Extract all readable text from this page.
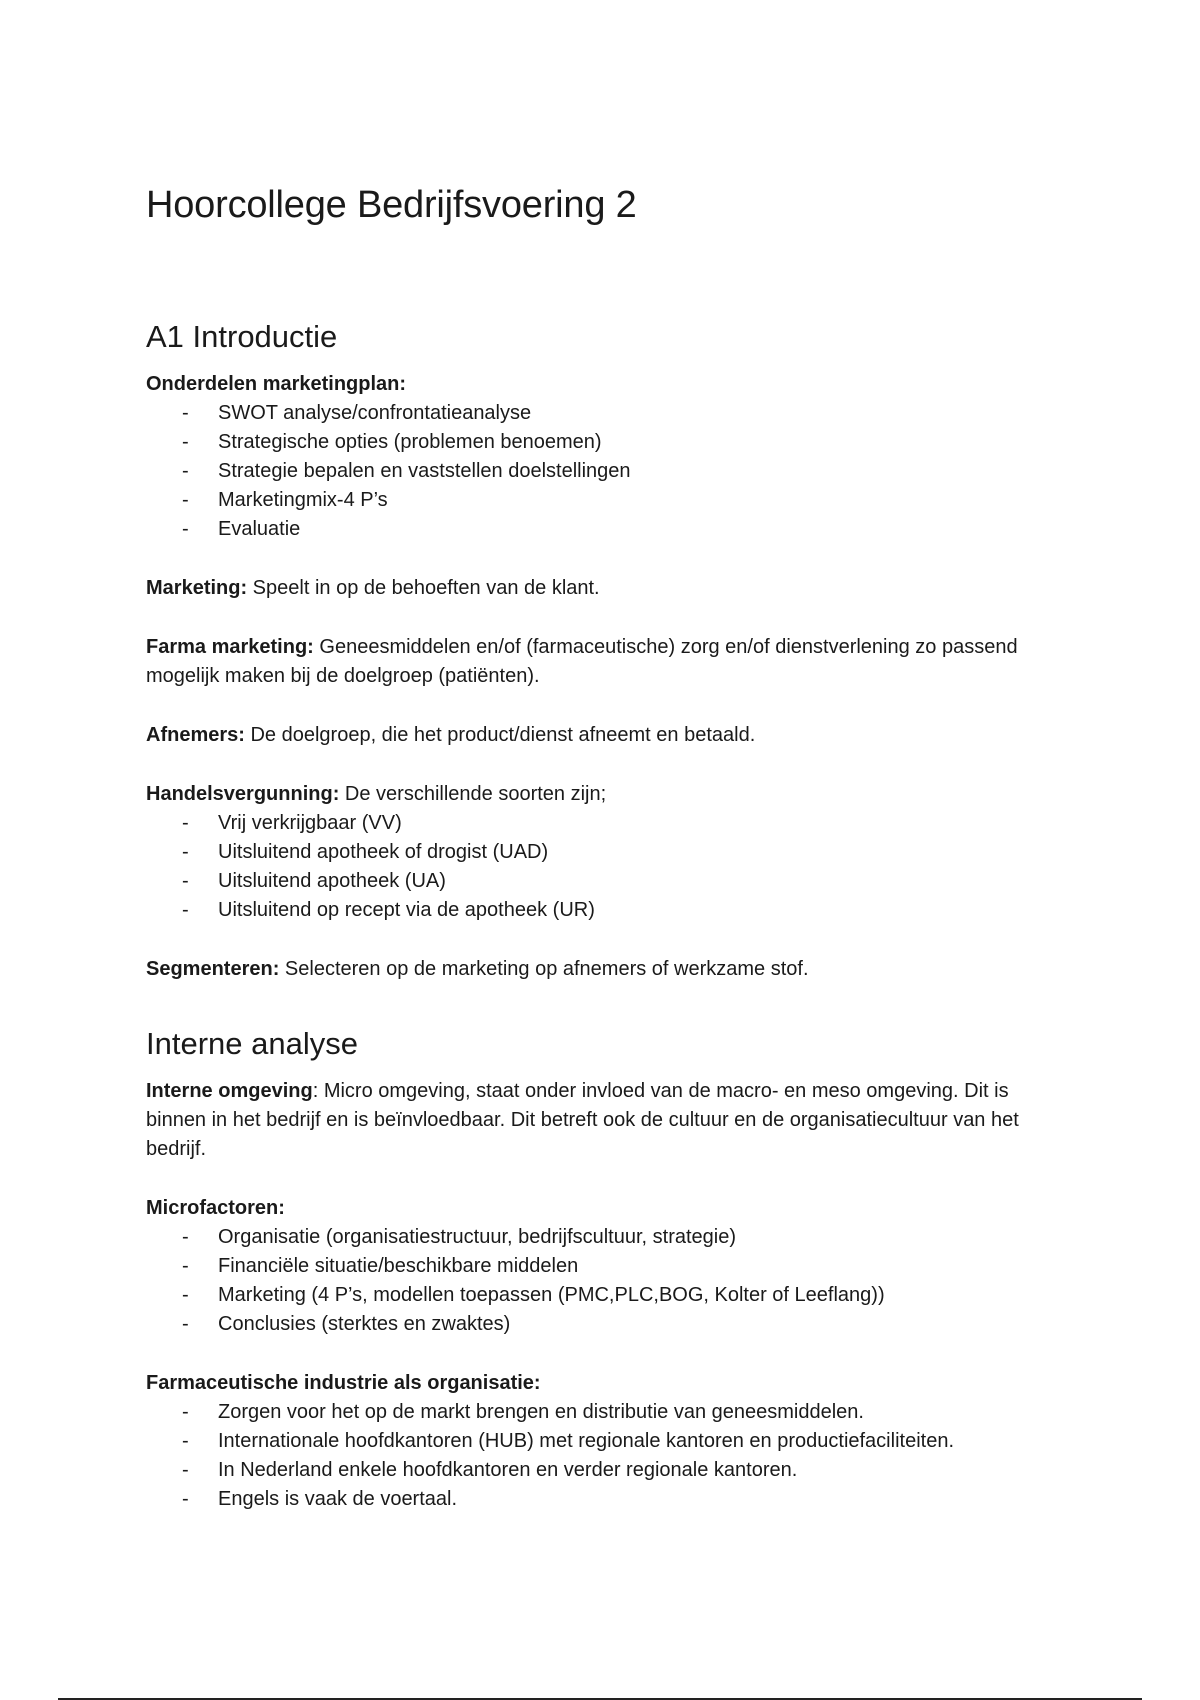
Hoorcollege Bedrijfsvoering 2
A1 Introductie
Onderdelen marketingplan:
- SWOT analyse/confrontatieanalyse
- Strategische opties (problemen benoemen)
- Strategie bepalen en vaststellen doelstellingen
- Marketingmix-4 P’s
- Evaluatie
Marketing: Speelt in op de behoeften van de klant.
Farma marketing: Geneesmiddelen en/of (farmaceutische) zorg en/of dienstverlening zo passend mogelijk maken bij de doelgroep (patiënten).
Afnemers: De doelgroep, die het product/dienst afneemt en betaald.
Handelsvergunning: De verschillende soorten zijn;
- Vrij verkrijgbaar (VV)
- Uitsluitend apotheek of drogist (UAD)
- Uitsluitend apotheek (UA)
- Uitsluitend op recept via de apotheek (UR)
Segmenteren: Selecteren op de marketing op afnemers of werkzame stof.
Interne analyse
Interne omgeving: Micro omgeving, staat onder invloed van de macro- en meso omgeving. Dit is binnen in het bedrijf en is beïnvloedbaar. Dit betreft ook de cultuur en de organisatiecultuur van het bedrijf.
Microfactoren:
- Organisatie (organisatiestructuur, bedrijfscultuur, strategie)
- Financiële situatie/beschikbare middelen
- Marketing (4 P’s, modellen toepassen (PMC,PLC,BOG, Kolter of Leeflang))
- Conclusies (sterktes en zwaktes)
Farmaceutische industrie als organisatie:
- Zorgen voor het op de markt brengen en distributie van geneesmiddelen.
- Internationale hoofdkantoren (HUB) met regionale kantoren en productiefaciliteiten.
- In Nederland enkele hoofdkantoren en verder regionale kantoren.
- Engels is vaak de voertaal.
